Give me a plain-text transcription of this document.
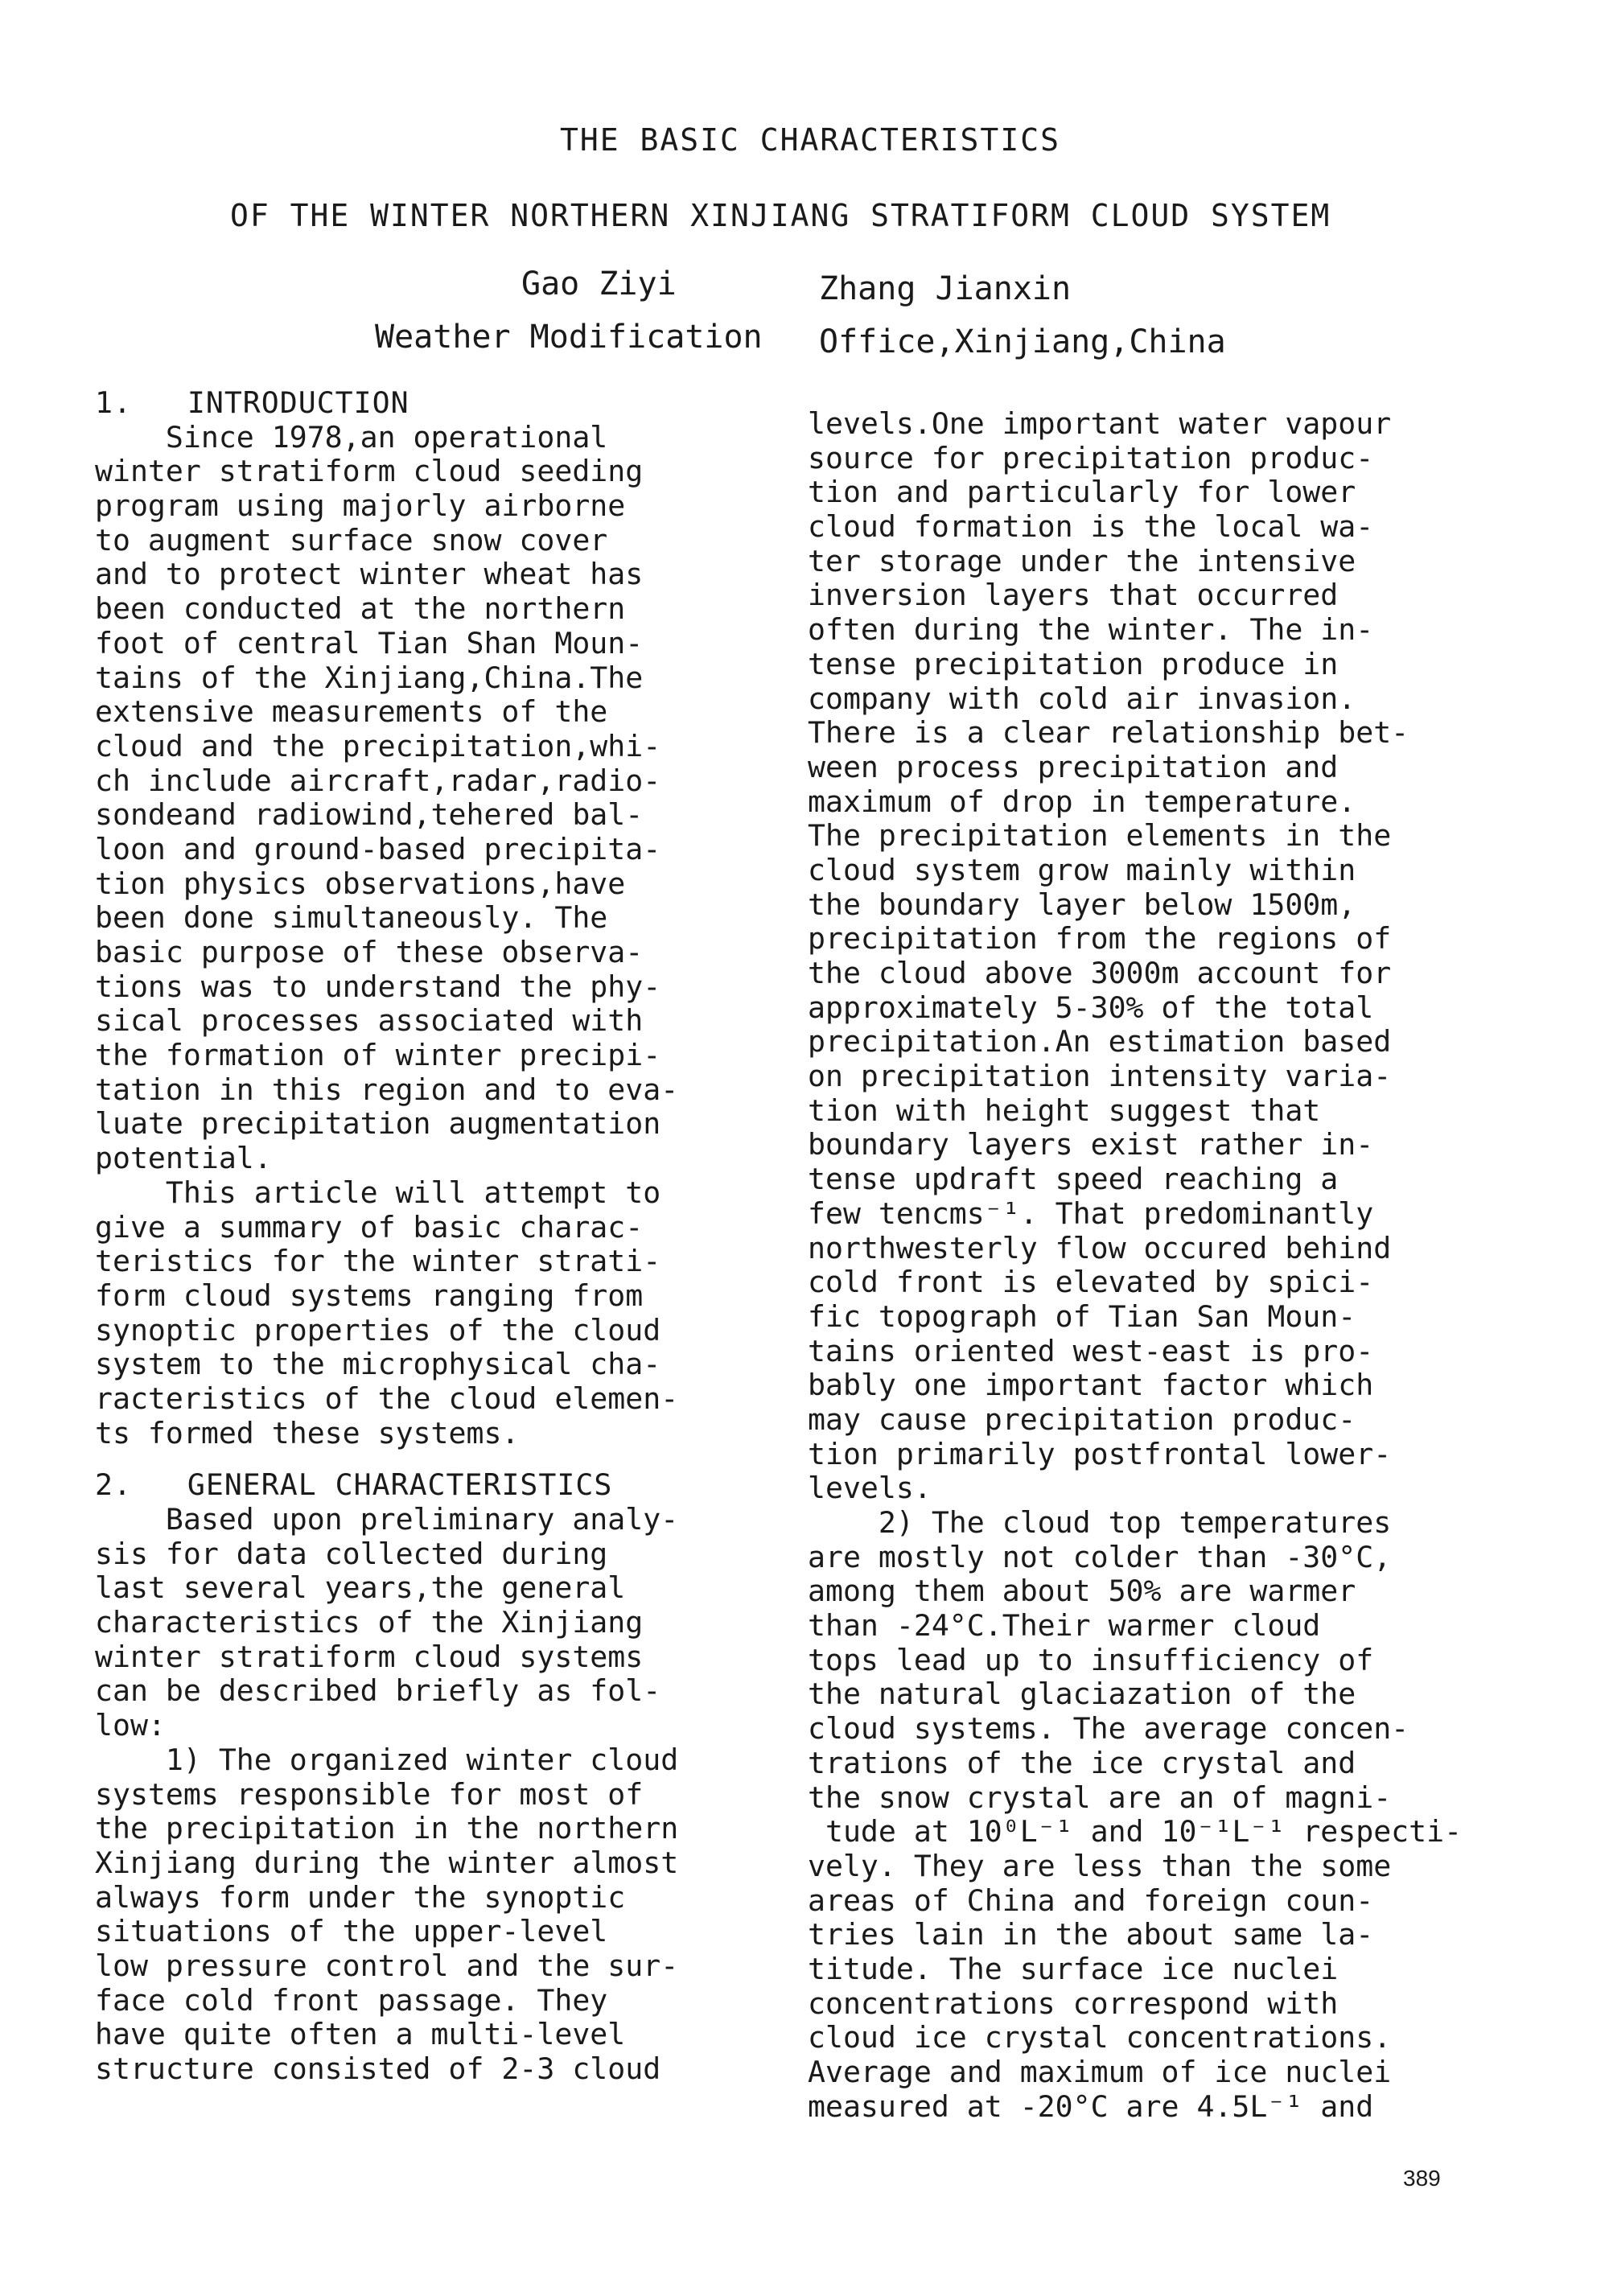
THE BASIC CHARACTERISTICS
OF THE WINTER NORTHERN XINJIANG STRATIFORM CLOUD SYSTEM
Gao Ziyi	Zhang Jianxin
Weather Modification Office,Xinjiang,China
1.   INTRODUCTION
Since 1978,an operational
winter stratiform cloud seeding
program using majorly airborne
to augment surface snow cover
and to protect winter wheat has
been conducted at the northern
foot of central Tian Shan Moun-
tains of the Xinjiang,China.The
extensive measurements of the
cloud and the precipitation,whi-
ch include aircraft,radar,radio-
sondeand radiowind,tehered bal-
loon and ground-based precipita-
tion physics observations,have
been done simultaneously. The
basic purpose of these observa-
tions was to understand the phy-
sical processes associated with
the formation of winter precipi-
tation in this region and to eva-
luate precipitation augmentation
potential.
This article will attempt to
give a summary of basic charac-
teristics for the winter strati-
form cloud systems ranging from
synoptic properties of the cloud
system to the microphysical cha-
racteristics of the cloud elemen-
ts formed these systems.
2.   GENERAL CHARACTERISTICS
Based upon preliminary analy-
sis for data collected during
last several years,the general
characteristics of the Xinjiang
winter stratiform cloud systems
can be described briefly as fol-
low:
1) The organized winter cloud
systems responsible for most of
the precipitation in the northern
Xinjiang during the winter almost
always form under the synoptic
situations of the upper-level
low pressure control and the sur-
face cold front passage. They
have quite often a multi-level
structure consisted of 2-3 cloud
levels.One important water vapour
source for precipitation produc-
tion and particularly for lower
cloud formation is the local wa-
ter storage under the intensive
inversion layers that occurred
often during the winter. The in-
tense precipitation produce in
company with cold air invasion.
There is a clear relationship bet-
ween process precipitation and
maximum of drop in temperature.
The precipitation elements in the
cloud system grow mainly within
the boundary layer below 1500m,
precipitation from the regions of
the cloud above 3000m account for
approximately 5-30% of the total
precipitation.An estimation based
on precipitation intensity varia-
tion with height suggest that
boundary layers exist rather in-
tense updraft speed reaching a
few tencms⁻¹. That predominantly
northwesterly flow occured behind
cold front is elevated by spici-
fic topograph of Tian San Moun-
tains oriented west-east is pro-
bably one important factor which
may cause precipitation produc-
tion primarily postfrontal lower-
levels.
2) The cloud top temperatures
are mostly not colder than -30°C,
among them about 50% are warmer
than -24°C.Their warmer cloud
tops lead up to insufficiency of
the natural glaciazation of the
cloud systems. The average concen-
trations of the ice crystal and
the snow crystal are an of magni-
tude at 10⁰L⁻¹ and 10⁻¹L⁻¹ respecti-
vely. They are less than the some
areas of China and foreign coun-
tries lain in the about same la-
titude. The surface ice nuclei
concentrations correspond with
cloud ice crystal concentrations.
Average and maximum of ice nuclei
measured at -20°C are 4.5L⁻¹ and
389
